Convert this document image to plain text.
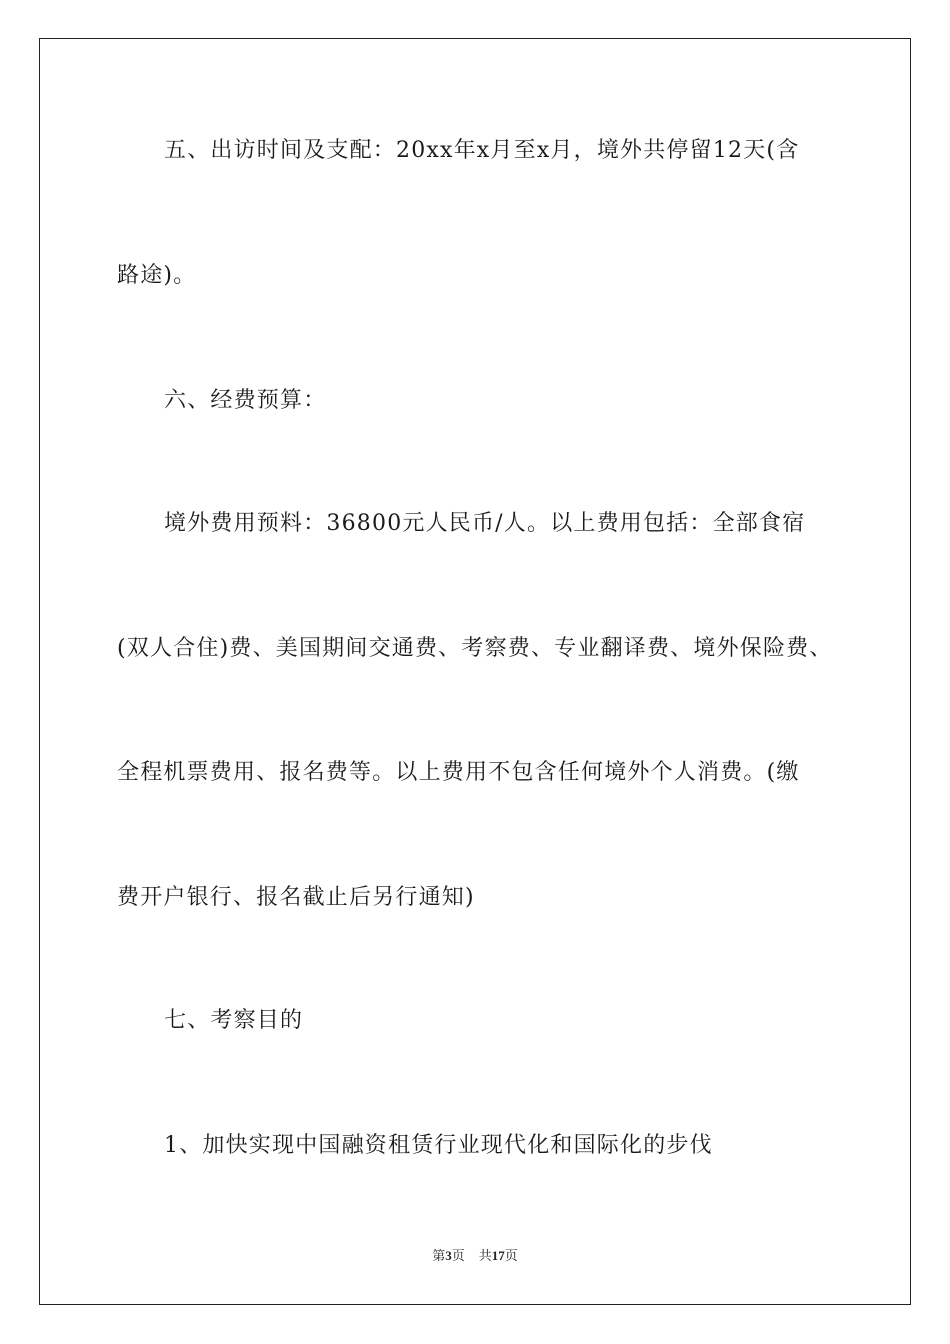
五、出访时间及支配：20xx年x月至x月，境外共停留12天(含
路途)。
六、经费预算：
境外费用预料：36800元人民币/人。以上费用包括：全部食宿
(双人合住)费、美国期间交通费、考察费、专业翻译费、境外保险费、
全程机票费用、报名费等。以上费用不包含任何境外个人消费。(缴
费开户银行、报名截止后另行通知)
七、考察目的
1、加快实现中国融资租赁行业现代化和国际化的步伐
第3页 共17页
